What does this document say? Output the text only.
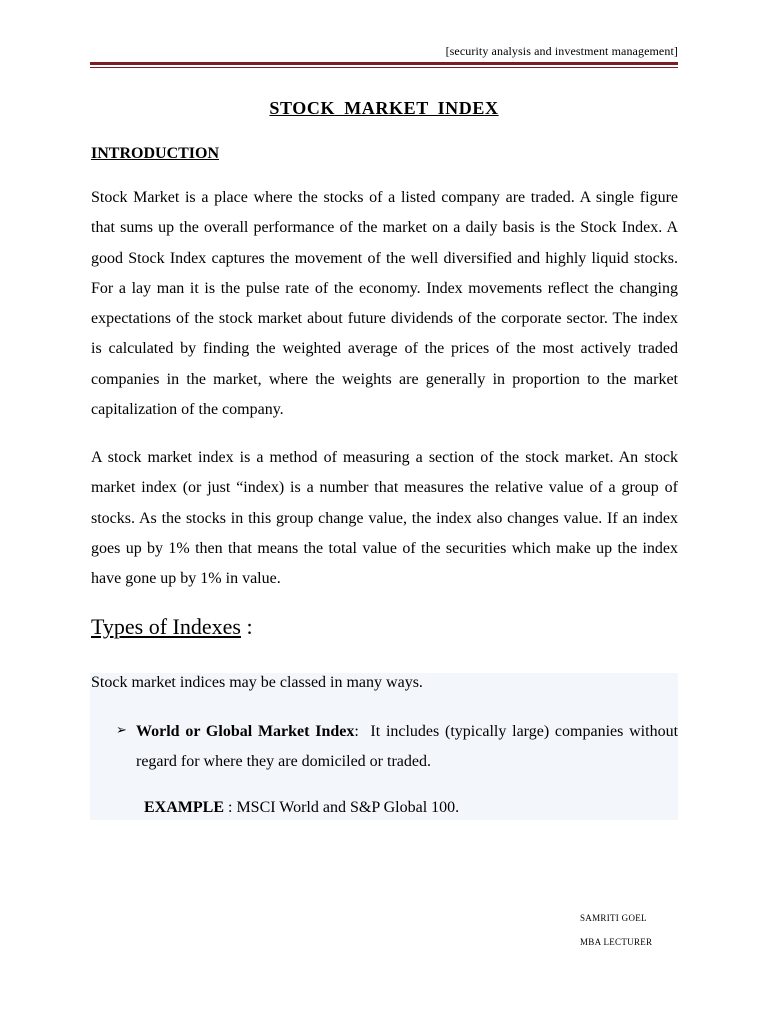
[security analysis and investment management]
STOCK MARKET INDEX
INTRODUCTION
Stock Market is a place where the stocks of a listed company are traded. A single figure that sums up the overall performance of the market on a daily basis is the Stock Index. A good Stock Index captures the movement of the well diversified and highly liquid stocks. For a lay man it is the pulse rate of the economy. Index movements reflect the changing expectations of the stock market about future dividends of the corporate sector. The index is calculated by finding the weighted average of the prices of the most actively traded companies in the market, where the weights are generally in proportion to the market capitalization of the company.
A stock market index is a method of measuring a section of the stock market. An stock market index (or just “index) is a number that measures the relative value of a group of stocks. As the stocks in this group change value, the index also changes value. If an index goes up by 1% then that means the total value of the securities which make up the index have gone up by 1% in value.
Types of Indexes :
Stock market indices may be classed in many ways.
➢ World or Global Market Index: It includes (typically large) companies without regard for where they are domiciled or traded.
EXAMPLE : MSCI World and S&P Global 100.
SAMRITI GOEL
MBA LECTURER
